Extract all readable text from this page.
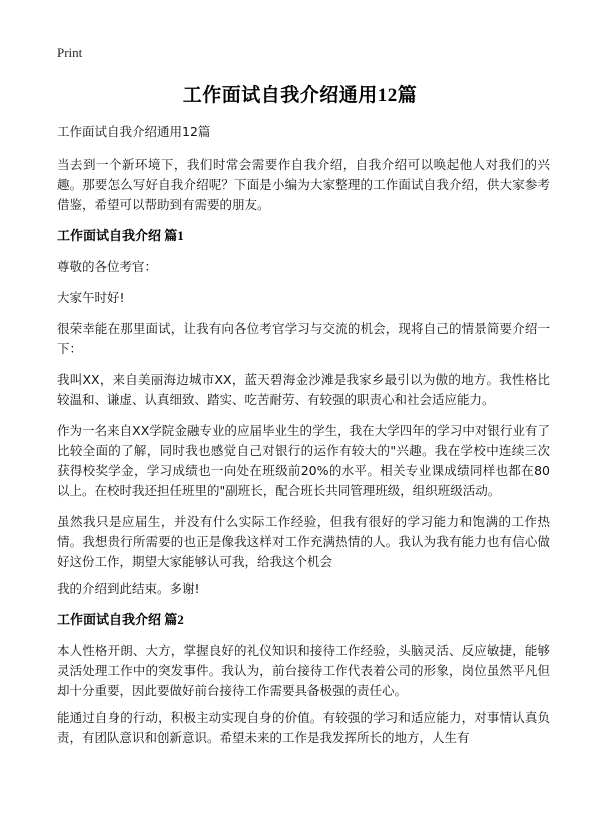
Print
工作面试自我介绍通用12篇

工作面试自我介绍通用12篇

当去到一个新环境下，我们时常会需要作自我介绍，自我介绍可以唤起他人对我们的兴趣。那要怎么写好自我介绍呢？下面是小编为大家整理的工作面试自我介绍，供大家参考借鉴，希望可以帮助到有需要的朋友。

工作面试自我介绍 篇1

尊敬的各位考官：

大家午时好!

很荣幸能在那里面试，让我有向各位考官学习与交流的机会，现将自己的情景简要介绍一下：

我叫XX，来自美丽海边城市XX，蓝天碧海金沙滩是我家乡最引以为傲的地方。我性格比较温和、谦虚、认真细致、踏实、吃苦耐劳、有较强的职责心和社会适应能力。

作为一名来自XX学院金融专业的应届毕业生的学生，我在大学四年的学习中对银行业有了比较全面的了解，同时我也感觉自己对银行的运作有较大的"兴趣。我在学校中连续三次获得校奖学金，学习成绩也一向处在班级前20%的水平。相关专业课成绩同样也都在80以上。在校时我还担任班里的"副班长，配合班长共同管理班级，组织班级活动。

虽然我只是应届生，并没有什么实际工作经验，但我有很好的学习能力和饱满的工作热情。我想贵行所需要的也正是像我这样对工作充满热情的人。我认为我有能力也有信心做好这份工作，期望大家能够认可我，给我这个机会

我的介绍到此结束。多谢!

工作面试自我介绍 篇2

本人性格开朗、大方，掌握良好的礼仪知识和接待工作经验，头脑灵活、反应敏捷，能够灵活处理工作中的突发事件。我认为，前台接待工作代表着公司的形象，岗位虽然平凡但却十分重要，因此要做好前台接待工作需要具备极强的责任心。

能通过自身的行动，积极主动实现自身的价值。有较强的学习和适应能力，对事情认真负责，有团队意识和创新意识。希望未来的工作是我发挥所长的地方，人生有
